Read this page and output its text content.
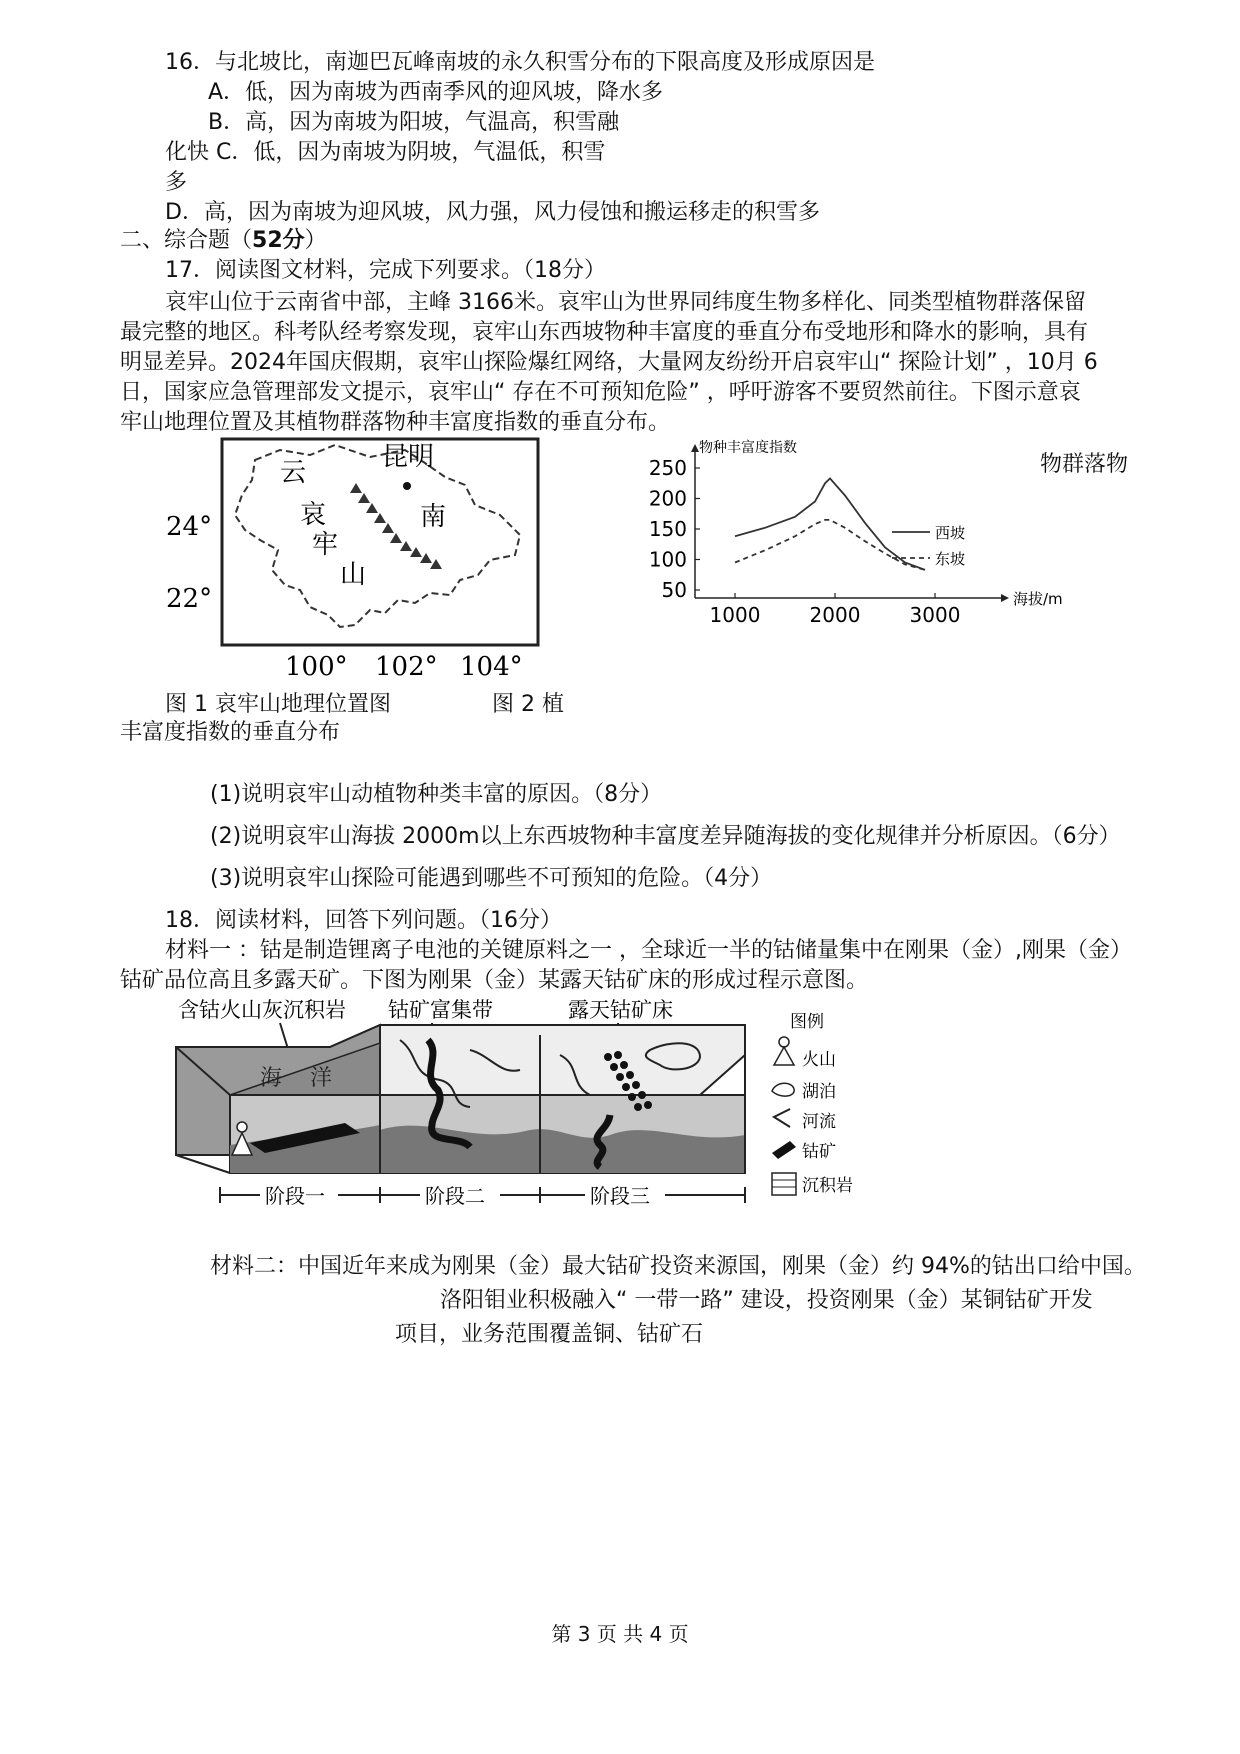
16．与北坡比，南迦巴瓦峰南坡的永久积雪分布的下限高度及形成原因是
A．低，因为南坡为西南季风的迎风坡，降水多
B．高，因为南坡为阳坡，气温高，积雪融
化快 C．低，因为南坡为阴坡，气温低，积雪
多
D．高，因为南坡为迎风坡，风力强，风力侵蚀和搬运移走的积雪多
二、综合题（52分）
17．阅读图文材料，完成下列要求。（18分）
哀牢山位于云南省中部，主峰 3166米。哀牢山为世界同纬度生物多样化、同类型植物群落保留
最完整的地区。科考队经考察发现，哀牢山东西坡物种丰富度的垂直分布受地形和降水的影响，具有
明显差异。2024年国庆假期，哀牢山探险爆红网络，大量网友纷纷开启哀牢山“ 探险计划” ，10月 6
日，国家应急管理部发文提示，哀牢山“ 存在不可预知危险” ，呼吁游客不要贸然前往。下图示意哀
牢山地理位置及其植物群落物种丰富度指数的垂直分布。
云
昆明
哀	南
牢
山
24°
22°
100° 102° 104°
物种丰富度指数
海拔/m
50
100
150
200
250
1000 2000 3000
西坡
东坡
物群落物
图 1 哀牢山地理位置图	图 2 植
丰富度指数的垂直分布
(1)说明哀牢山动植物种类丰富的原因。（8分）
(2)说明哀牢山海拔 2000m以上东西坡物种丰富度差异随海拔的变化规律并分析原因。（6分）
(3)说明哀牢山探险可能遇到哪些不可预知的危险。（4分）
18．阅读材料，回答下列问题。（16分）
材料一 ：钴是制造锂离子电池的关键原料之一 ，全球近一半的钴储量集中在刚果（金）,刚果（金）
钴矿品位高且多露天矿。下图为刚果（金）某露天钴矿床的形成过程示意图。
含钴火山灰沉积岩 钴矿富集带	露天钴矿床
海 洋
阶段一	阶段二	阶段三
图例
火山
湖泊
河流
钴矿
沉积岩
材料二：中国近年来成为刚果（金）最大钴矿投资来源国，刚果（金）约 94%的钴出口给中国。
洛阳钼业积极融入“ 一带一路” 建设，投资刚果（金）某铜钴矿开发
项目，业务范围覆盖铜、钴矿石
第 3 页 共 4 页
